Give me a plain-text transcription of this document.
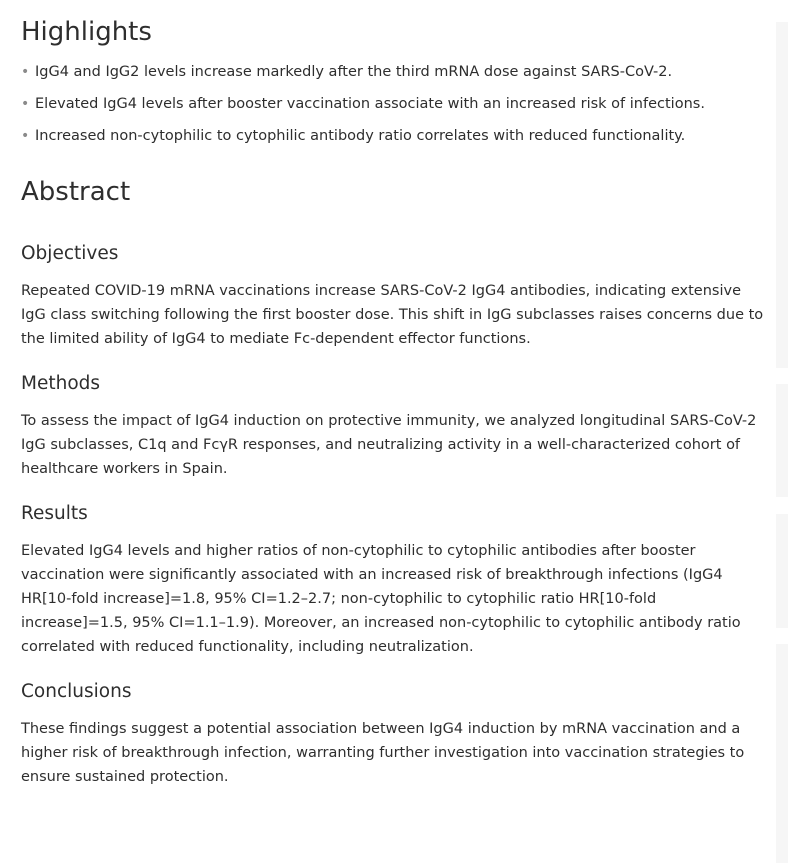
Highlights
• IgG4 and IgG2 levels increase markedly after the third mRNA dose against SARS-CoV-2.
• Elevated IgG4 levels after booster vaccination associate with an increased risk of infections.
• Increased non-cytophilic to cytophilic antibody ratio correlates with reduced functionality.
Abstract
Objectives

Repeated COVID-19 mRNA vaccinations increase SARS-CoV-2 IgG4 antibodies, indicating extensive IgG class switching following the first booster dose. This shift in IgG subclasses raises concerns due to the limited ability of IgG4 to mediate Fc-dependent effector functions.

Methods

To assess the impact of IgG4 induction on protective immunity, we analyzed longitudinal SARS-CoV-2 IgG subclasses, C1q and FcγR responses, and neutralizing activity in a well-characterized cohort of healthcare workers in Spain.

Results

Elevated IgG4 levels and higher ratios of non-cytophilic to cytophilic antibodies after booster vaccination were significantly associated with an increased risk of breakthrough infections (IgG4 HR[10-fold increase]=1.8, 95% CI=1.2–2.7; non-cytophilic to cytophilic ratio HR[10-fold increase]=1.5, 95% CI=1.1–1.9). Moreover, an increased non-cytophilic to cytophilic antibody ratio correlated with reduced functionality, including neutralization.

Conclusions

These findings suggest a potential association between IgG4 induction by mRNA vaccination and a higher risk of breakthrough infection, warranting further investigation into vaccination strategies to ensure sustained protection.
